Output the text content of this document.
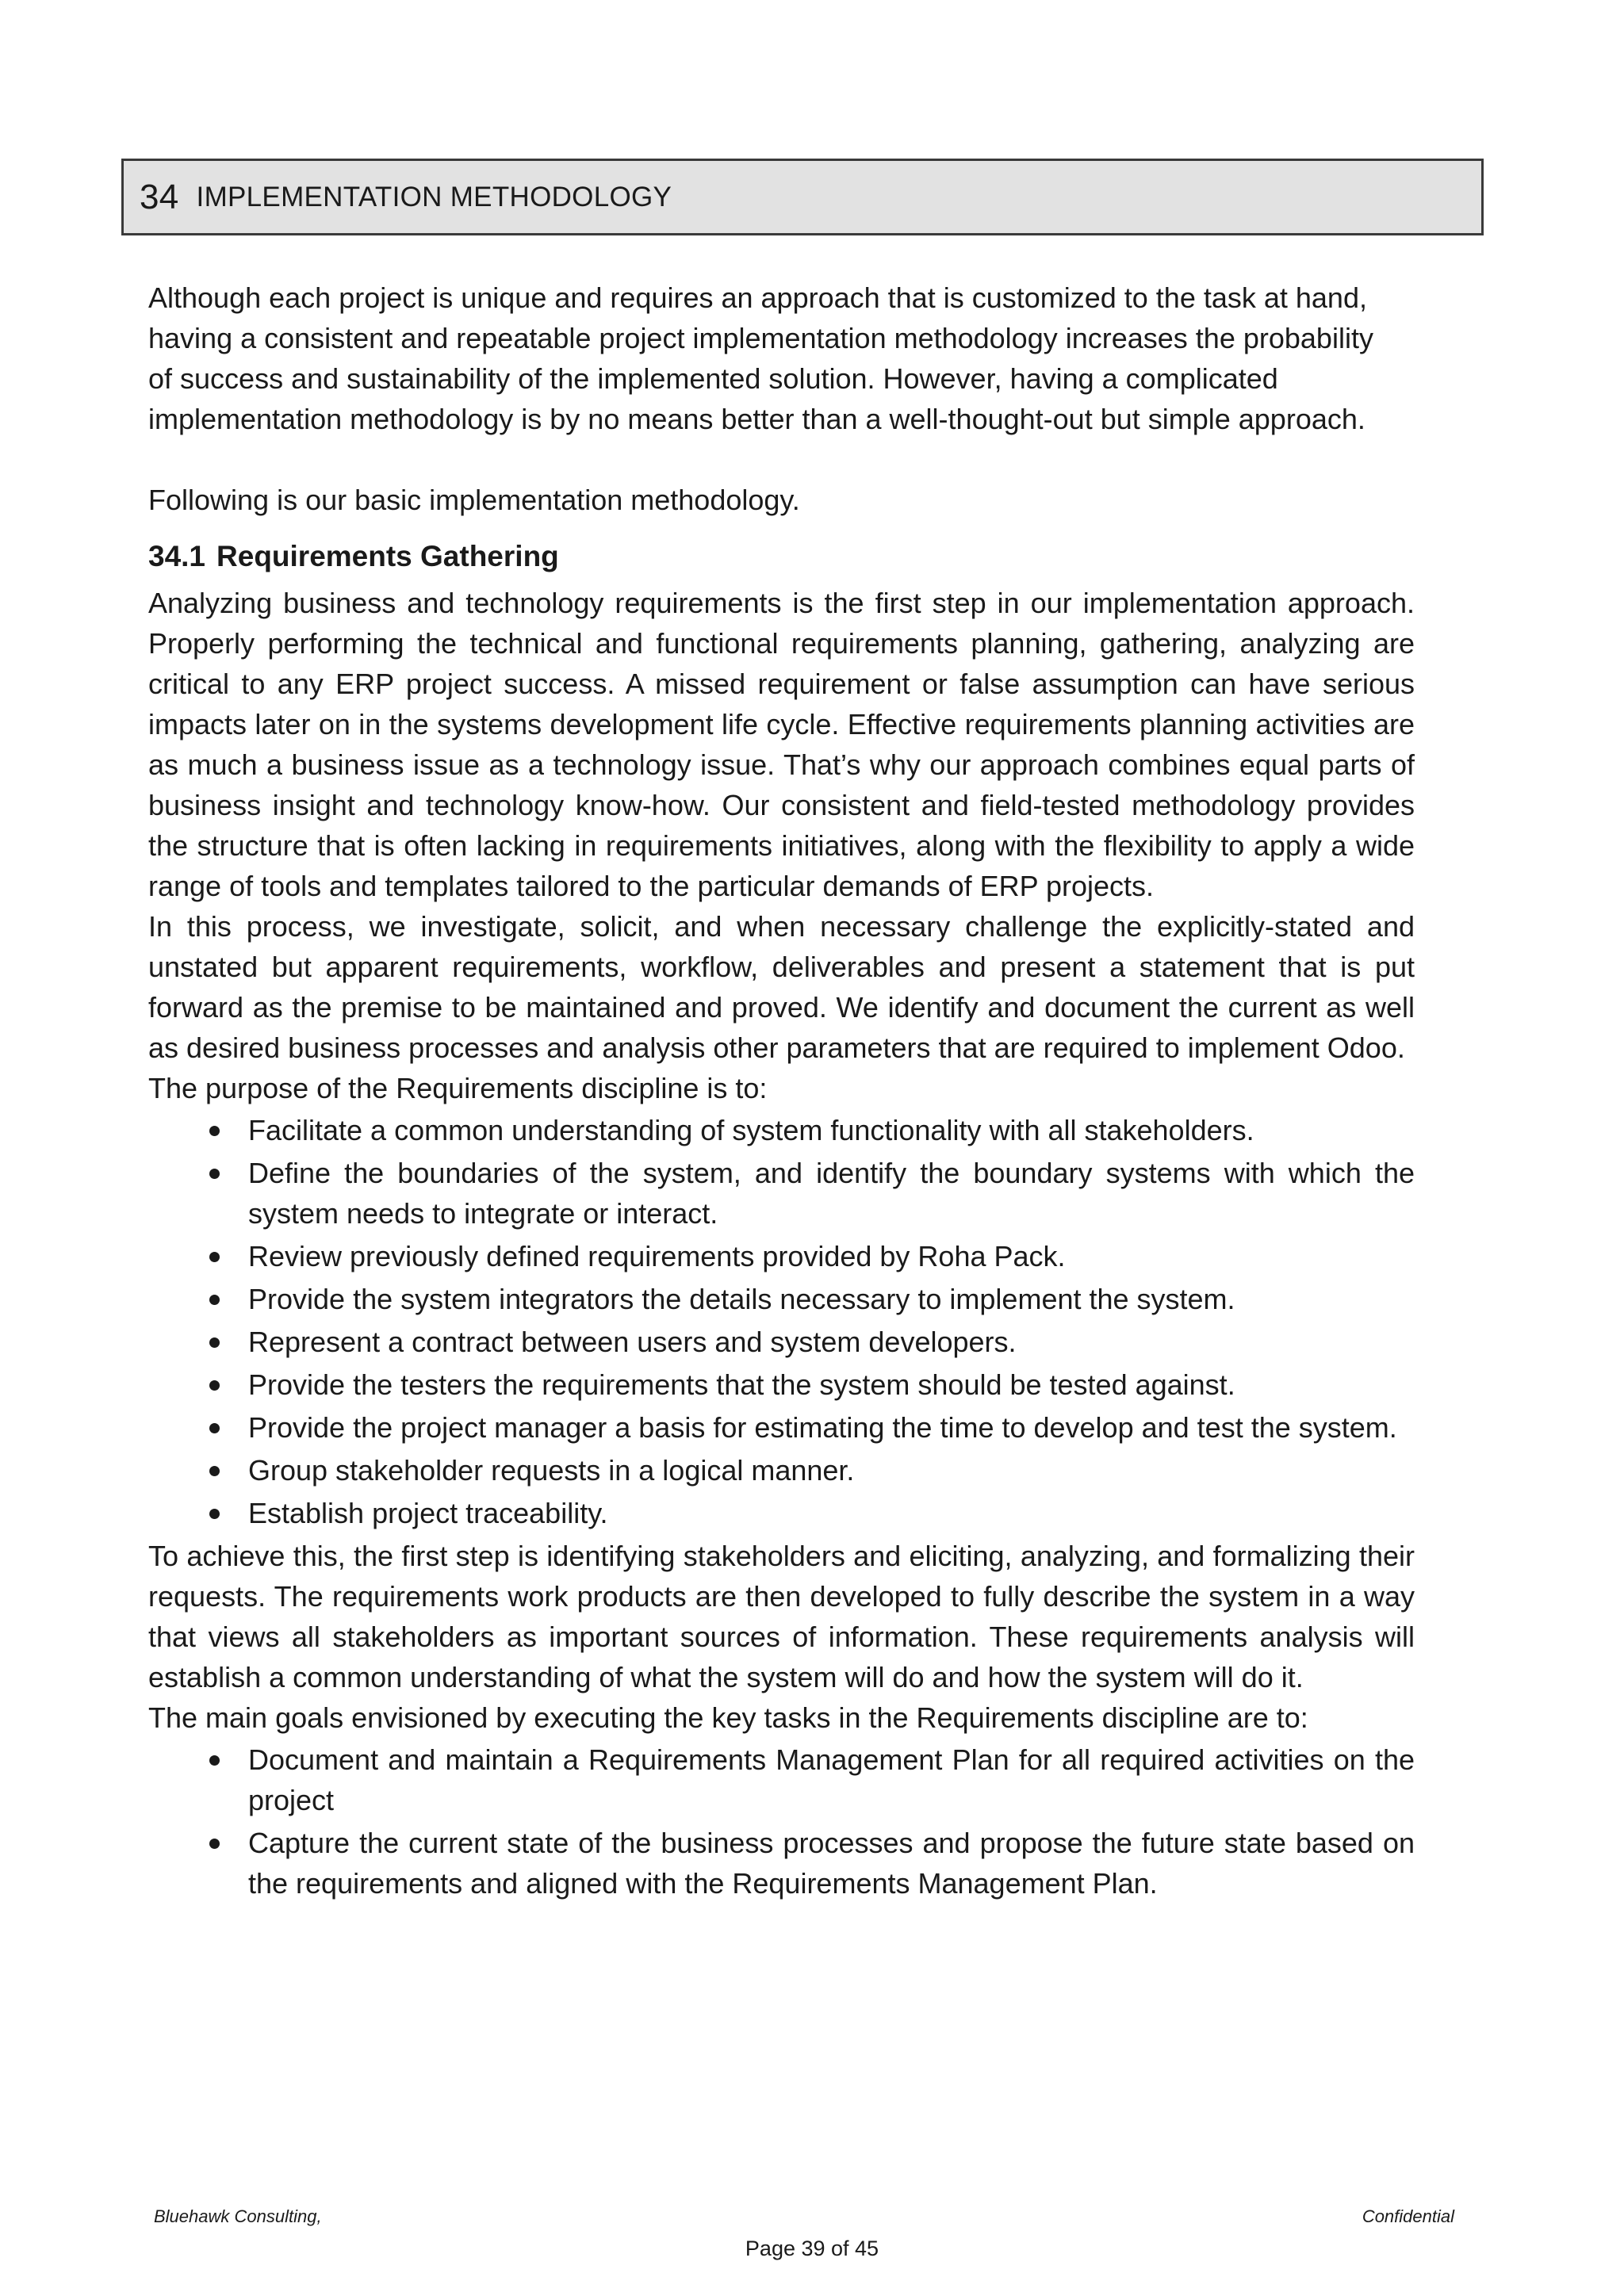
34 IMPLEMENTATION METHODOLOGY

Although each project is unique and requires an approach that is customized to the task at hand, having a consistent and repeatable project implementation methodology increases the probability of success and sustainability of the implemented solution. However, having a complicated implementation methodology is by no means better than a well-thought-out but simple approach.

Following is our basic implementation methodology.

34.1 Requirements Gathering

Analyzing business and technology requirements is the first step in our implementation approach. Properly performing the technical and functional requirements planning, gathering, analyzing are critical to any ERP project success. A missed requirement or false assumption can have serious impacts later on in the systems development life cycle. Effective requirements planning activities are as much a business issue as a technology issue. That’s why our approach combines equal parts of business insight and technology know-how. Our consistent and field-tested methodology provides the structure that is often lacking in requirements initiatives, along with the flexibility to apply a wide range of tools and templates tailored to the particular demands of ERP projects.

In this process, we investigate, solicit, and when necessary challenge the explicitly-stated and unstated but apparent requirements, workflow, deliverables and present a statement that is put forward as the premise to be maintained and proved. We identify and document the current as well as desired business processes and analysis other parameters that are required to implement Odoo.

The purpose of the Requirements discipline is to:

Facilitate a common understanding of system functionality with all stakeholders.
Define the boundaries of the system, and identify the boundary systems with which the system needs to integrate or interact.
Review previously defined requirements provided by Roha Pack.
Provide the system integrators the details necessary to implement the system.
Represent a contract between users and system developers.
Provide the testers the requirements that the system should be tested against.
Provide the project manager a basis for estimating the time to develop and test the system.
Group stakeholder requests in a logical manner.
Establish project traceability.

To achieve this, the first step is identifying stakeholders and eliciting, analyzing, and formalizing their requests. The requirements work products are then developed to fully describe the system in a way that views all stakeholders as important sources of information. These requirements analysis will establish a common understanding of what the system will do and how the system will do it.

The main goals envisioned by executing the key tasks in the Requirements discipline are to:

Document and maintain a Requirements Management Plan for all required activities on the project
Capture the current state of the business processes and propose the future state based on the requirements and aligned with the Requirements Management Plan.
Bluehawk Consulting,	Confidential
Page 39 of 45
